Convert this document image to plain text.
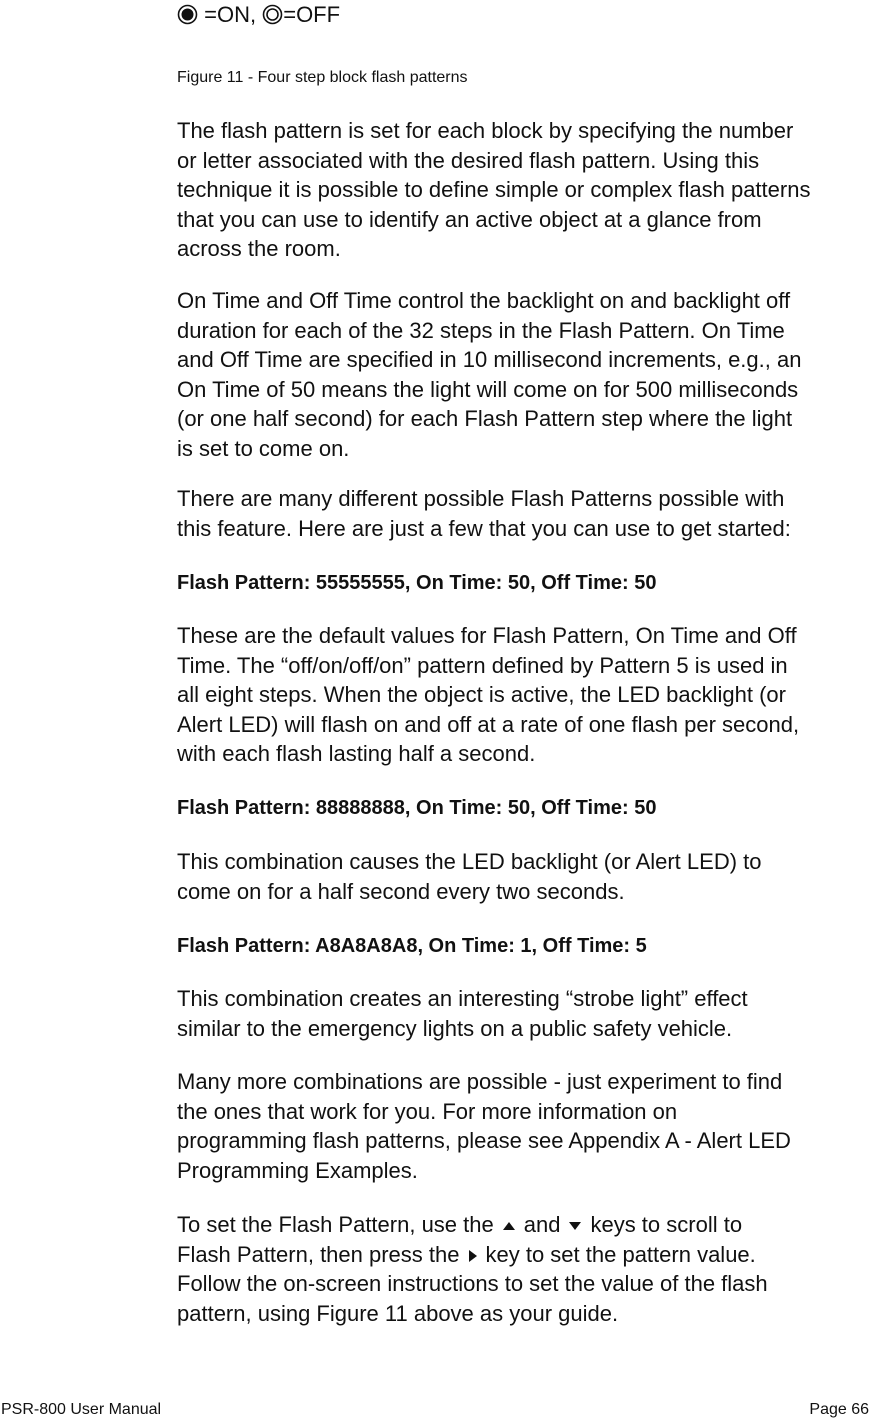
=ON, =OFF
Figure 11 - Four step block flash patterns

The flash pattern is set for each block by specifying the number
or letter associated with the desired flash pattern. Using this
technique it is possible to define simple or complex flash patterns
that you can use to identify an active object at a glance from
across the room.

On Time and Off Time control the backlight on and backlight off
duration for each of the 32 steps in the Flash Pattern. On Time
and Off Time are specified in 10 millisecond increments, e.g., an
On Time of 50 means the light will come on for 500 milliseconds
(or one half second) for each Flash Pattern step where the light
is set to come on.

There are many different possible Flash Patterns possible with
this feature. Here are just a few that you can use to get started:

Flash Pattern: 55555555, On Time: 50, Off Time: 50

These are the default values for Flash Pattern, On Time and Off
Time. The “off/on/off/on” pattern defined by Pattern 5 is used in
all eight steps. When the object is active, the LED backlight (or
Alert LED) will flash on and off at a rate of one flash per second,
with each flash lasting half a second.

Flash Pattern: 88888888, On Time: 50, Off Time: 50

This combination causes the LED backlight (or Alert LED) to
come on for a half second every two seconds.

Flash Pattern: A8A8A8A8, On Time: 1, Off Time: 5

This combination creates an interesting “strobe light” effect
similar to the emergency lights on a public safety vehicle.

Many more combinations are possible - just experiment to find
the ones that work for you. For more information on
programming flash patterns, please see Appendix A - Alert LED
Programming Examples.

To set the Flash Pattern, use the and keys to scroll to
Flash Pattern, then press the key to set the pattern value.
Follow the on-screen instructions to set the value of the flash
pattern, using Figure 11 above as your guide.

PSR-800 User Manual	Page 66
